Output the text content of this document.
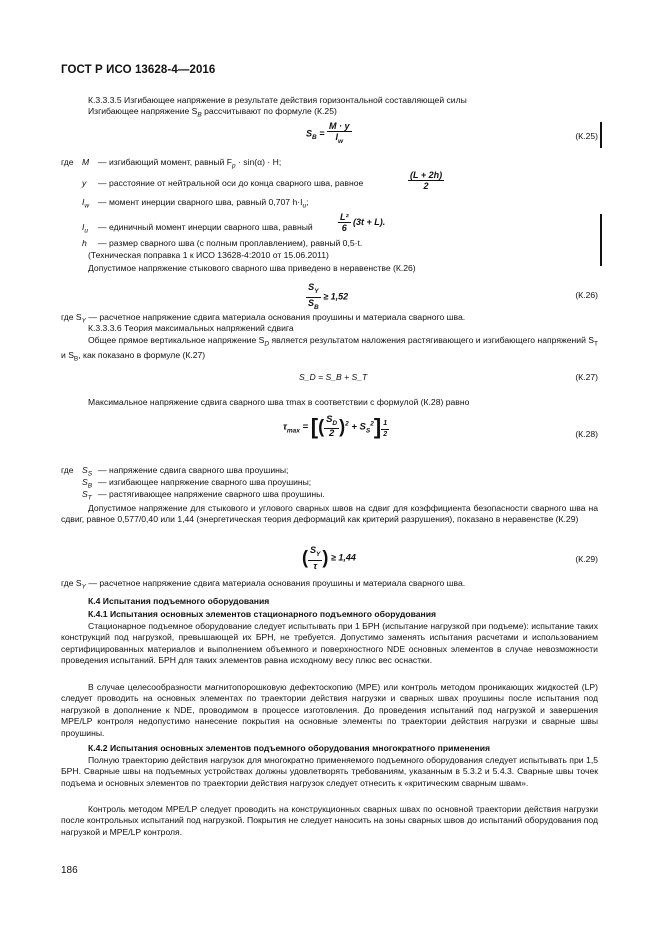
ГОСТ Р ИСО 13628-4—2016
К.3.3.3.5 Изгибающее напряжение в результате действия горизонтальной составляющей силы
Изгибающее напряжение $S_B$ рассчитывают по формуле (К.25)
$S_B = \frac{M \cdot y}{I_w}$	(К.25)
где M — изгибающий момент, равный $F_p \cdot \sin(\alpha) \cdot H$;
y — расстояние от нейтральной оси до конца сварного шва, равное	$\frac{(L + 2h)}{2}$
$I_w$ — момент инерции сварного шва, равный 0,707 $h\cdot I_u$;
$I_u$ — единичный момент инерции сварного шва, равный	$\frac{\text{L²}}{6} (3t + L)$.
h — размер сварного шва (с полным проплавлением), равный 0,5·t.
(Техническая поправка 1 к ИСО 13628-4:2010 от 15.06.2011)
Допустимое напряжение стыкового сварного шва приведено в неравенстве (К.26)
$\frac{S_Y}{S_B} \ge 1,52$	(К.26)
где $S_Y$ — расчетное напряжение сдвига материала основания проушины и материала сварного шва.
К.3.3.3.6 Теория максимальных напряжений сдвига
Общее прямое вертикальное напряжение $S_D$ является результатом наложения растягивающего и изгибающего напряжений $S_T$ и $S_B$, как показано в формуле (К.27)
S_D = S_B + S_T	(К.27)
Максимальное напряжение сдвига сварного шва τmax в соответствии с формулой (К.28) равно
$\tau_{max}$ = [( $\frac{S_D}{2} )^2 + S_S^2$] $^{\frac{1}{2}}$	(К.28)
где $S_S$ — напряжение сдвига сварного шва проушины;
$S_B$ — изгибающее напряжение сварного шва проушины;
$S_T$ — растягивающее напряжение сварного шва проушины.
Допустимое напряжение для стыкового и углового сварных швов на сдвиг для коэффициента безопасности сварного шва на сдвиг, равное 0,577/0,40 или 1,44 (энергетическая теория деформаций как критерий разрушения), показано в неравенстве (К.29)
( $\frac{S_Y}{\tau}$ ) ≥ 1,44	(К.29)
где $S_Y$ — расчетное напряжение сдвига материала основания проушины и материала сварного шва.
К.4 Испытания подъемного оборудования
К.4.1 Испытания основных элементов стационарного подъемного оборудования
Стационарное подъемное оборудование следует испытывать при 1 БРН (испытание нагрузкой при подъеме): испытание таких конструкций под нагрузкой, превышающей их БРН, не требуется. Допустимо заменять испытания расчетами и использованием сертифицированных материалов и выполнением объемного и поверхностного NDE основных элементов в случае невозможности проведения испытаний. БРН для таких элементов равна исходному весу плюс вес оснастки.
В случае целесообразности магнитопорошковую дефектоскопию (МРЕ) или контроль методом проникающих жидкостей (LP) следует проводить на основных элементах по траектории действия нагрузки и сварных швах проушины после испытания под нагрузкой в дополнение к NDE, проводимом в процессе изготовления. До проведения испытаний под нагрузкой и завершения МРЕ/LP контроля недопустимо нанесение покрытия на основные элементы по траектории действия нагрузки и сварные швы проушины.
К.4.2 Испытания основных элементов подъемного оборудования многократного применения
Полную траекторию действия нагрузок для многократно применяемого подъемного оборудования следует испытывать при 1,5 БРН. Сварные швы на подъемных устройствах должны удовлетворять требованиям, указанным в 5.3.2 и 5.4.3. Сварные швы точек подъема и основных элементов по траектории действия нагрузок следует отнесить к «критическим сварным швам».
Контроль методом МРЕ/LP следует проводить на конструкционных сварных швах по основной траектории действия нагрузки после контрольных испытаний под нагрузкой. Покрытия не следует наносить на зоны сварных швов до испытаний оборудования под нагрузкой и МРЕ/LP контроля.
186
